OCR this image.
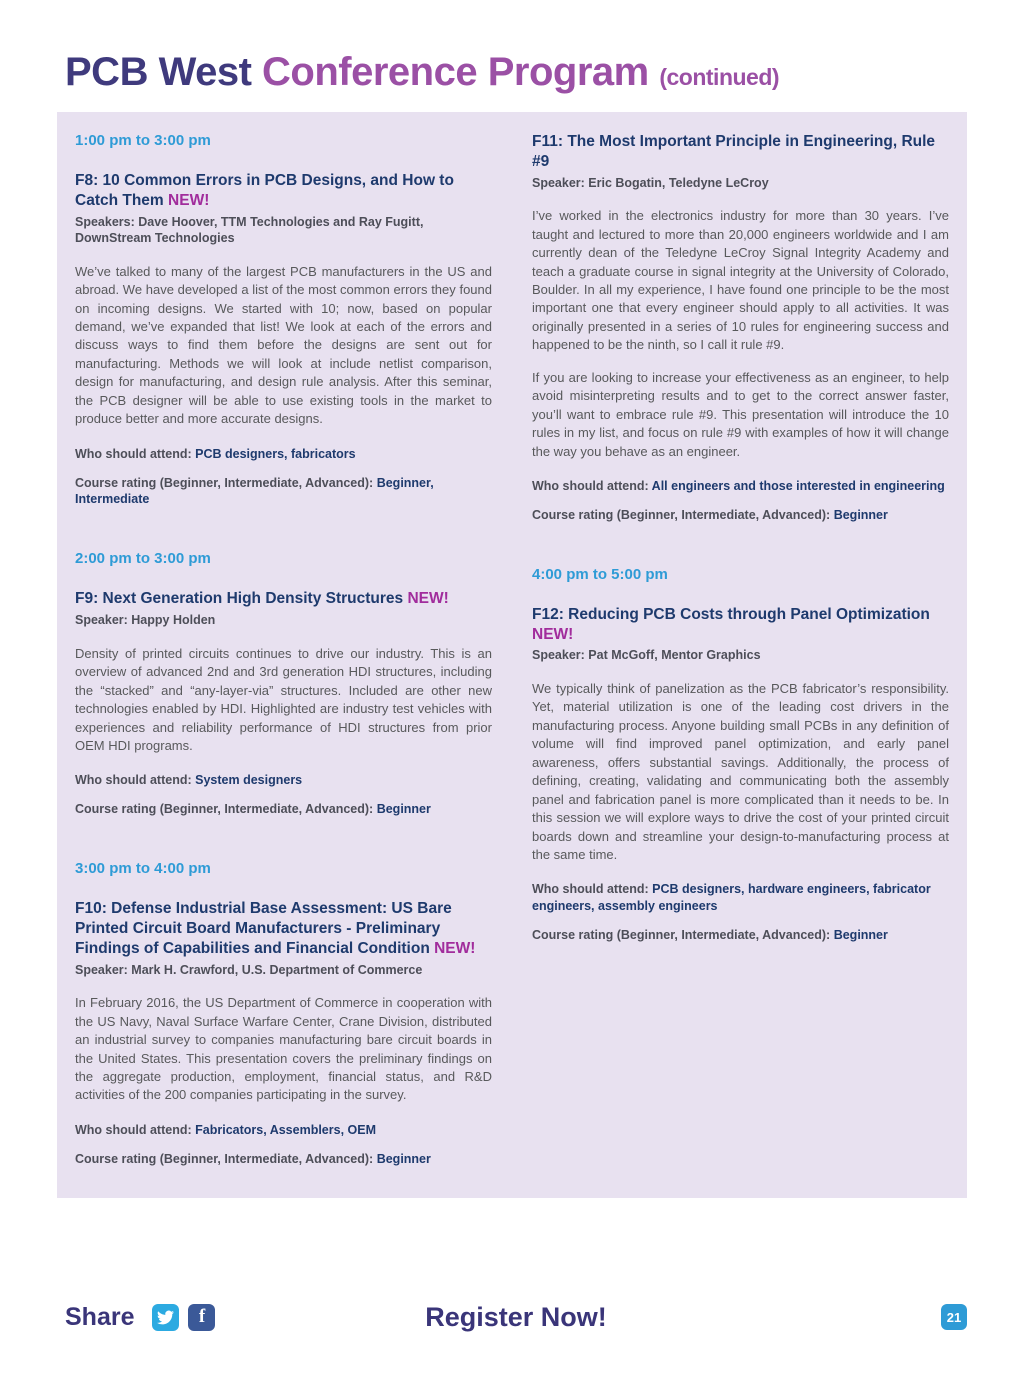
PCB West Conference Program (continued)
1:00 pm to 3:00 pm
F8: 10 Common Errors in PCB Designs, and How to Catch Them NEW!

Speakers: Dave Hoover, TTM Technologies and Ray Fugitt, DownStream Technologies

We’ve talked to many of the largest PCB manufacturers in the US and abroad. We have developed a list of the most common errors they found on incoming designs. We started with 10; now, based on popular demand, we’ve expanded that list! We look at each of the errors and discuss ways to find them before the designs are sent out for manufacturing. Methods we will look at include netlist comparison, design for manufacturing, and design rule analysis. After this seminar, the PCB designer will be able to use existing tools in the market to produce better and more accurate designs.

Who should attend: PCB designers, fabricators

Course rating (Beginner, Intermediate, Advanced): Beginner, Intermediate

2:00 pm to 3:00 pm
F9: Next Generation High Density Structures NEW!

Speaker: Happy Holden

Density of printed circuits continues to drive our industry. This is an overview of advanced 2nd and 3rd generation HDI structures, including the “stacked” and “any-layer-via” structures. Included are other new technologies enabled by HDI. Highlighted are industry test vehicles with experiences and reliability performance of HDI structures from prior OEM HDI programs.

Who should attend: System designers

Course rating (Beginner, Intermediate, Advanced): Beginner

3:00 pm to 4:00 pm
F10: Defense Industrial Base Assessment: US Bare Printed Circuit Board Manufacturers - Preliminary Findings of Capabilities and Financial Condition NEW!

Speaker: Mark H. Crawford, U.S. Department of Commerce

In February 2016, the US Department of Commerce in cooperation with the US Navy, Naval Surface Warfare Center, Crane Division, distributed an industrial survey to companies manufacturing bare circuit boards in the United States. This presentation covers the preliminary findings on the aggregate production, employment, financial status, and R&D activities of the 200 companies participating in the survey.

Who should attend: Fabricators, Assemblers, OEM

Course rating (Beginner, Intermediate, Advanced): Beginner

F11: The Most Important Principle in Engineering, Rule #9

Speaker: Eric Bogatin, Teledyne LeCroy

I’ve worked in the electronics industry for more than 30 years. I’ve taught and lectured to more than 20,000 engineers worldwide and I am currently dean of the Teledyne LeCroy Signal Integrity Academy and teach a graduate course in signal integrity at the University of Colorado, Boulder. In all my experience, I have found one principle to be the most important one that every engineer should apply to all activities. It was originally presented in a series of 10 rules for engineering success and happened to be the ninth, so I call it rule #9.

If you are looking to increase your effectiveness as an engineer, to help avoid misinterpreting results and to get to the correct answer faster, you’ll want to embrace rule #9. This presentation will introduce the 10 rules in my list, and focus on rule #9 with examples of how it will change the way you behave as an engineer.

Who should attend: All engineers and those interested in engineering

Course rating (Beginner, Intermediate, Advanced): Beginner

4:00 pm to 5:00 pm
F12: Reducing PCB Costs through Panel Optimization NEW!

Speaker: Pat McGoff, Mentor Graphics

We typically think of panelization as the PCB fabricator’s responsibility. Yet, material utilization is one of the leading cost drivers in the manufacturing process. Anyone building small PCBs in any definition of volume will find improved panel optimization, and early panel awareness, offers substantial savings. Additionally, the process of defining, creating, validating and communicating both the assembly panel and fabrication panel is more complicated than it needs to be. In this session we will explore ways to drive the cost of your printed circuit boards down and streamline your design-to-manufacturing process at the same time.

Who should attend: PCB designers, hardware engineers, fabricator engineers, assembly engineers

Course rating (Beginner, Intermediate, Advanced): Beginner

Share	f	Register Now!	21
